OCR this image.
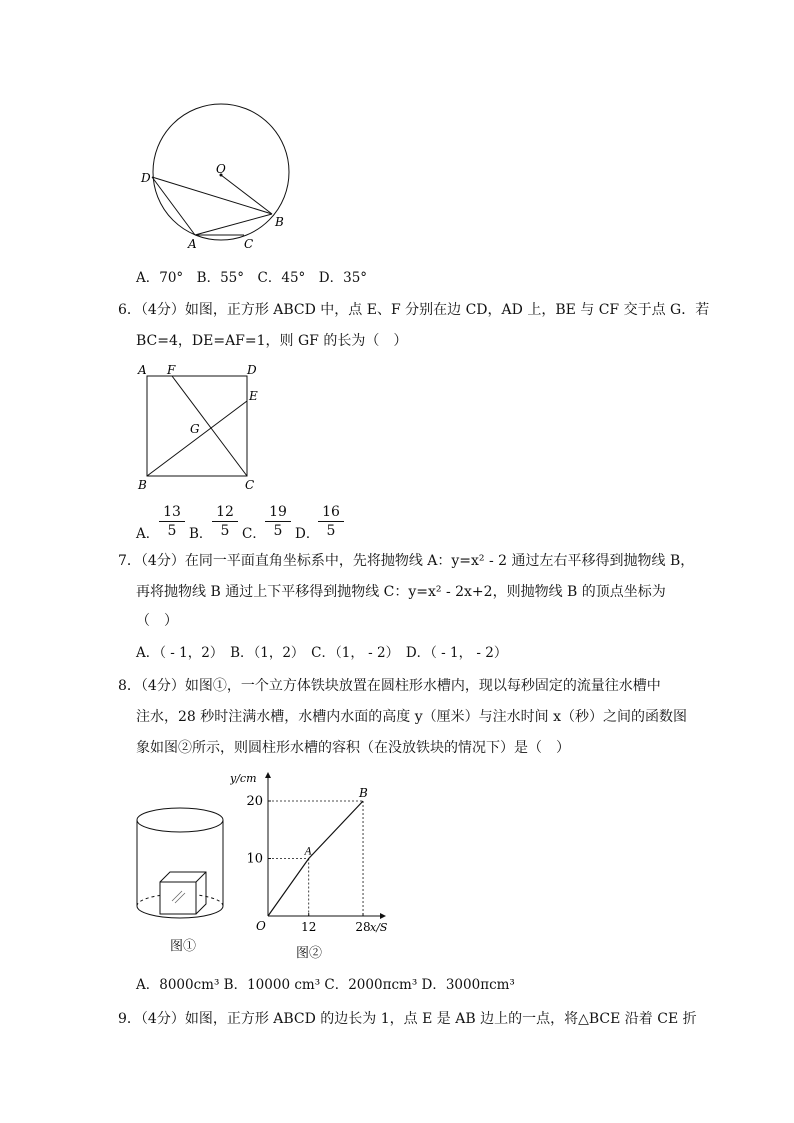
O
D
B
A	C
A．70°　B．55°　C．45°　D．35°
6．（4分）如图，正方形 ABCD 中，点 E、F 分别在边 CD，AD 上，BE 与 CF 交于点 G．若
BC=4，DE=AF=1，则 GF 的长为（　）
A F	D
E
G
B	C
A． $\frac{13}{5}$ B． $\frac{12}{5}$ C． $\frac{19}{5}$ D．
$\frac{16}{5}$
7．（4分）在同一平面直角坐标系中，先将抛物线 A：y=x² - 2 通过左右平移得到抛物线 B，
再将抛物线 B 通过上下平移得到抛物线 C：y=x² - 2x+2，则抛物线 B 的顶点坐标为
（　）
A．（ - 1，2）　B．（1，2）　C．（1， - 2）　D．（ - 1， - 2）
8．（4分）如图①，一个立方体铁块放置在圆柱形水槽内，现以每秒固定的流量往水槽中
注水，28 秒时注满水槽，水槽内水面的高度 y（厘米）与注水时间 x（秒）之间的函数图
象如图②所示，则圆柱形水槽的容积（在没放铁块的情况下）是（　）
图①
y/cm
x/S
O	12	28
10
20
A
B
图②
A．8000cm³ B．10000 cm³ C．2000πcm³ D．3000πcm³
9．（4分）如图，正方形 ABCD 的边长为 1，点 E 是 AB 边上的一点，将△BCE 沿着 CE 折
